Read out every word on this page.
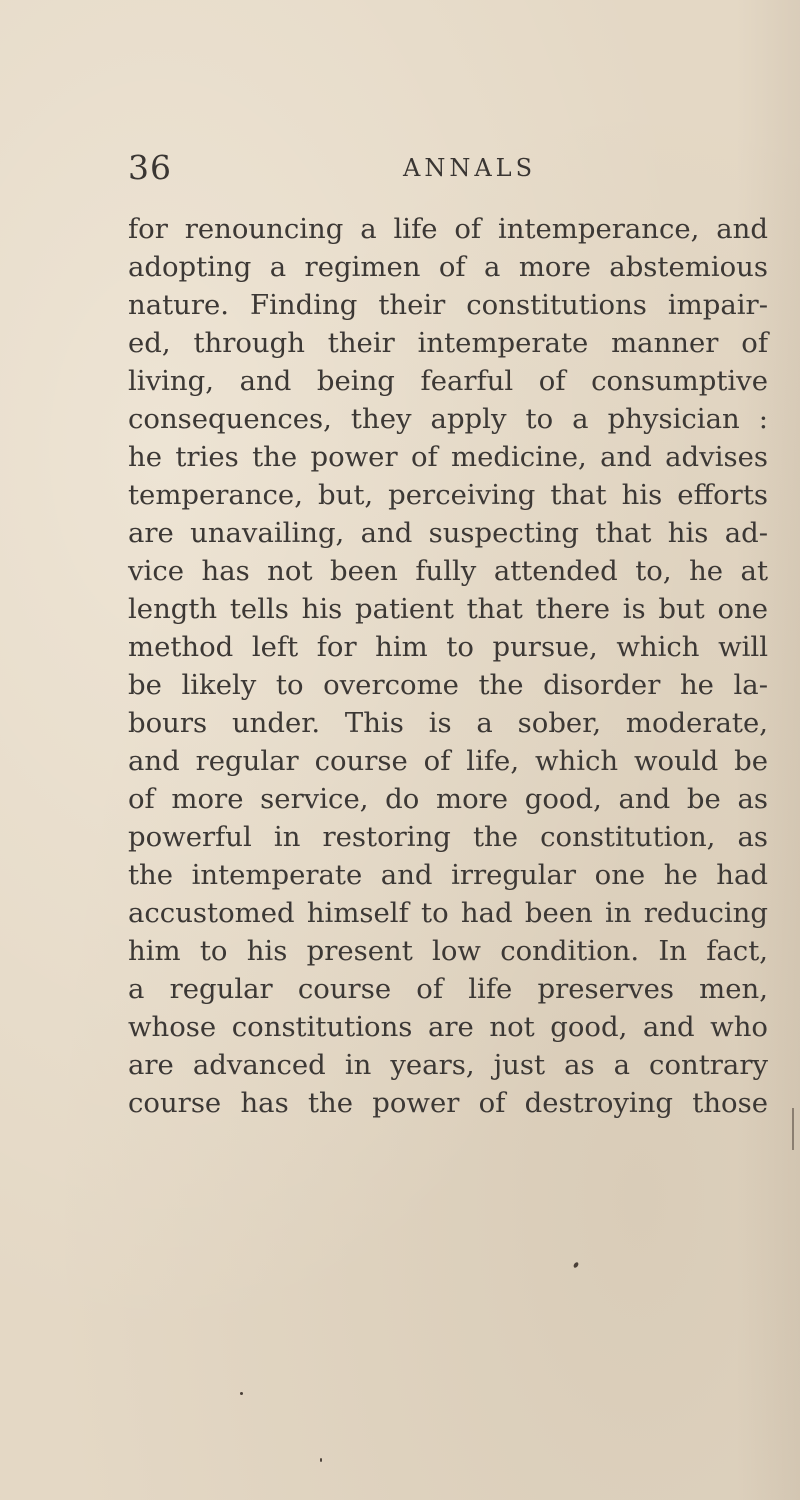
36	ANNALS
for renouncing a life of intemperance, and
adopting a regimen of a more abstemious
nature. Finding their constitutions impair-
ed, through their intemperate manner of
living, and being fearful of consumptive
consequences, they apply to a physician :
he tries the power of medicine, and advises
temperance, but, perceiving that his efforts
are unavailing, and suspecting that his ad-
vice has not been fully attended to, he at
length tells his patient that there is but one
method left for him to pursue, which will
be likely to overcome the disorder he la-
bours under. This is a sober, moderate,
and regular course of life, which would be
of more service, do more good, and be as
powerful in restoring the constitution, as
the intemperate and irregular one he had
accustomed himself to had been in reducing
him to his present low condition. In fact,
a regular course of life preserves men,
whose constitutions are not good, and who
are advanced in years, just as a contrary
course has the power of destroying those
